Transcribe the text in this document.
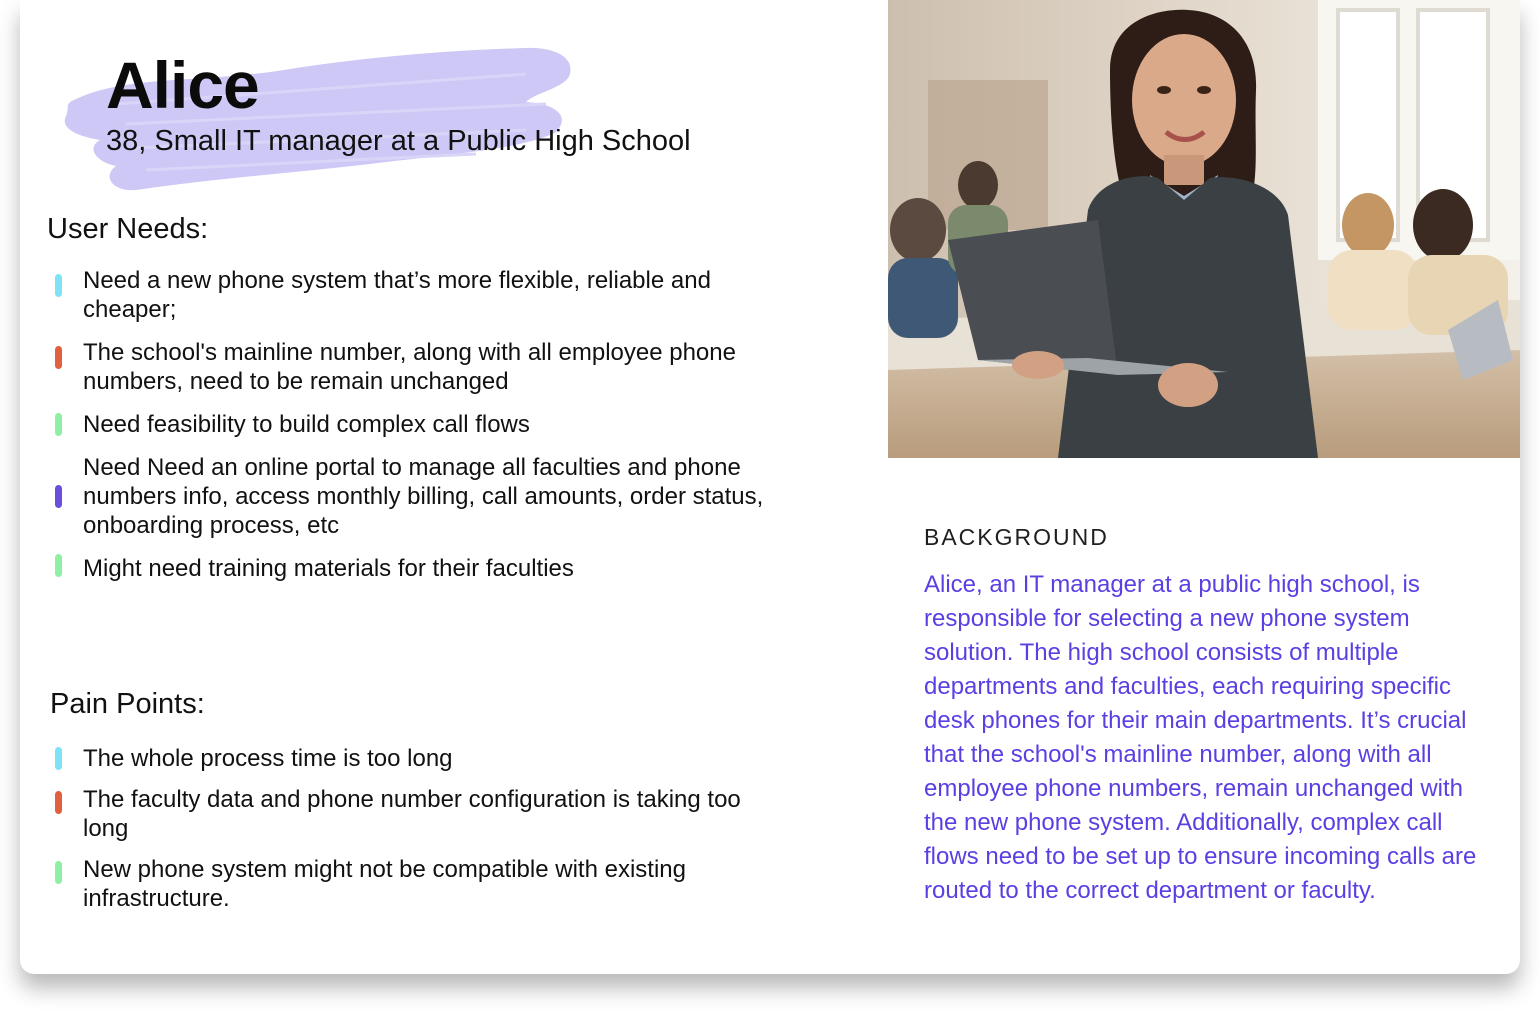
Alice
38, Small IT manager at a Public High School
User Needs:
Need a new phone system that’s more flexible, reliable and cheaper;
The school's mainline number, along with all employee phone numbers, need to be remain unchanged
Need feasibility to build complex call flows
Need Need an online portal to manage all faculties and phone numbers info, access monthly billing, call amounts, order status, onboarding process, etc
Might need training materials for their faculties
Pain Points:
The whole process time is too long
The faculty data and phone number configuration is taking too long
New phone system might not be compatible with existing infrastructure.
BACKGROUND
Alice, an IT manager at a public high school, is responsible for selecting a new phone system solution. The high school consists of multiple departments and faculties, each requiring specific desk phones for their main departments. It’s crucial that the school's mainline number, along with all employee phone numbers, remain unchanged with the new phone system. Additionally, complex call flows need to be set up to ensure incoming calls are routed to the correct department or faculty.
